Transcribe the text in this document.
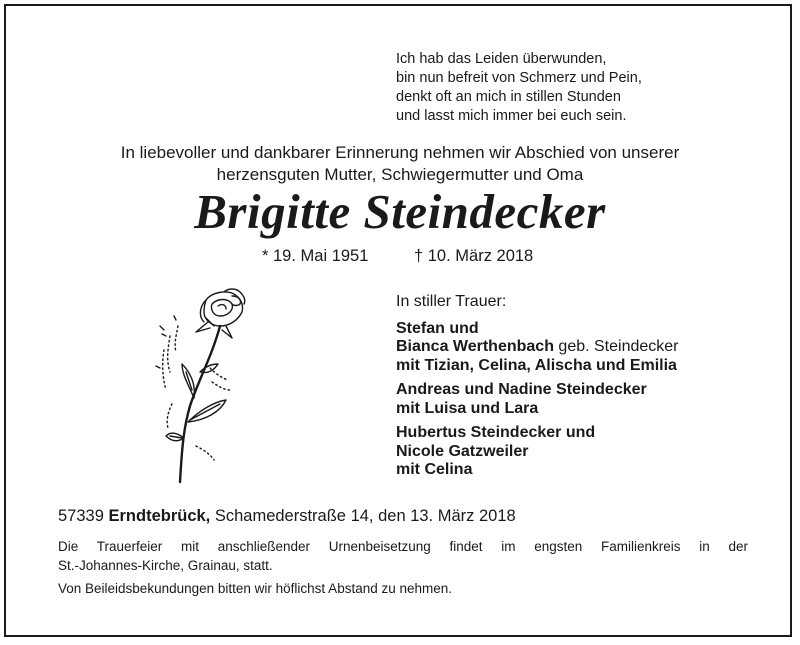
Ich hab das Leiden überwunden,
bin nun befreit von Schmerz und Pein,
denkt oft an mich in stillen Stunden
und lasst mich immer bei euch sein.
In liebevoller und dankbarer Erinnerung nehmen wir Abschied von unserer
herzensguten Mutter, Schwiegermutter und Oma
Brigitte Steindecker
* 19. Mai 1951	† 10. März 2018
In stiller Trauer:
Stefan und
Bianca Werthenbach geb. Steindecker
mit Tizian, Celina, Alischa und Emilia
Andreas und Nadine Steindecker
mit Luisa und Lara
Hubertus Steindecker und
Nicole Gatzweiler
mit Celina
57339 Erndtebrück, Schamederstraße 14, den 13. März 2018
Die Trauerfeier mit anschließender Urnenbeisetzung findet im engsten Familienkreis in der
St.-Johannes-Kirche, Grainau, statt.
Von Beileidsbekundungen bitten wir höflichst Abstand zu nehmen.
